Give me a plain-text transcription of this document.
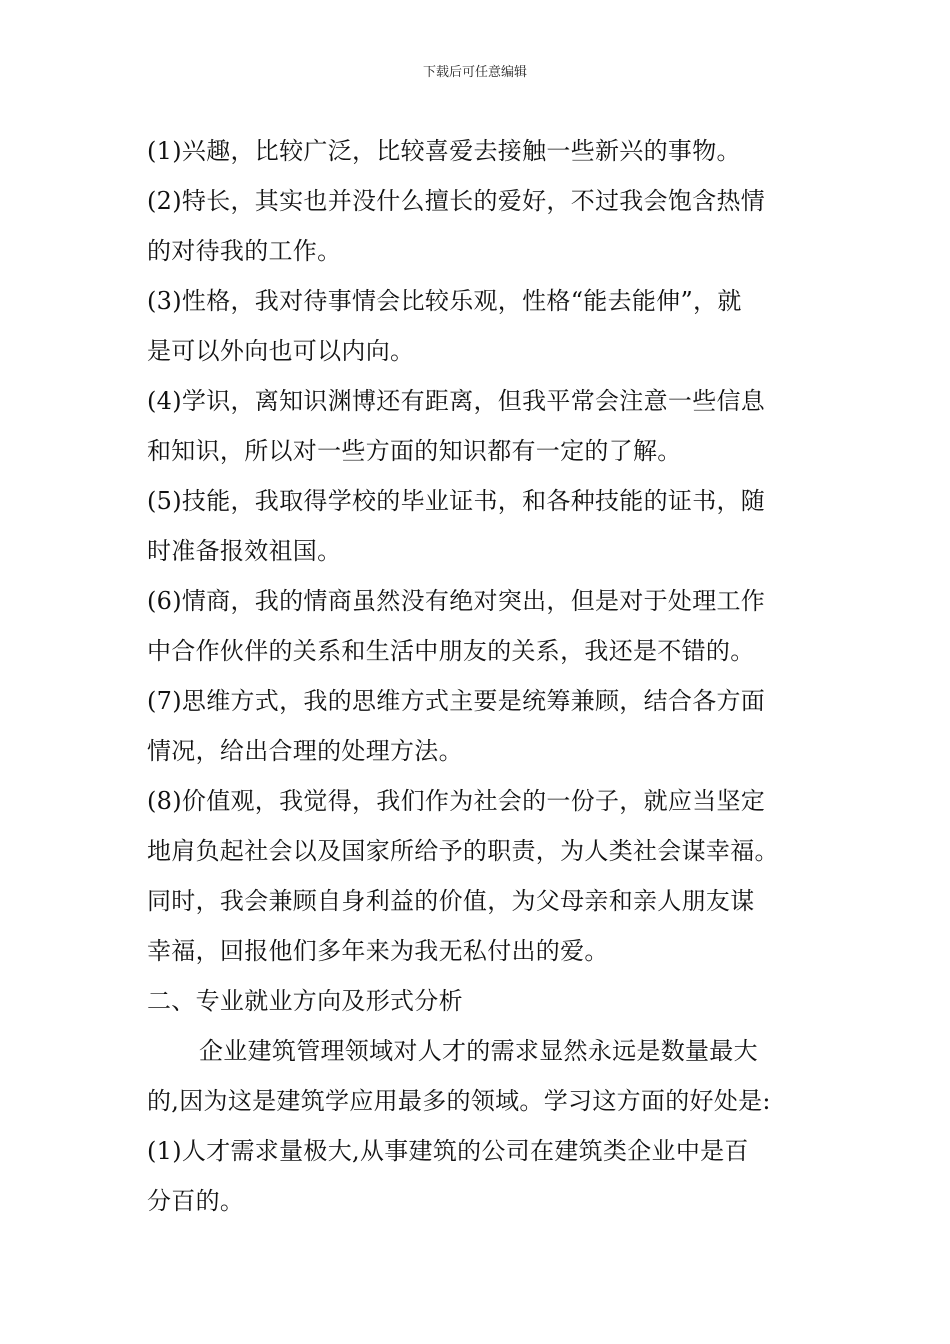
下载后可任意编辑
(1)兴趣，比较广泛，比较喜爱去接触一些新兴的事物。
(2)特长，其实也并没什么擅长的爱好，不过我会饱含热情
的对待我的工作。
(3)性格，我对待事情会比较乐观，性格“能去能伸”，就
是可以外向也可以内向。
(4)学识，离知识渊博还有距离，但我平常会注意一些信息
和知识，所以对一些方面的知识都有一定的了解。
(5)技能，我取得学校的毕业证书，和各种技能的证书，随
时准备报效祖国。
(6)情商，我的情商虽然没有绝对突出，但是对于处理工作
中合作伙伴的关系和生活中朋友的关系，我还是不错的。
(7)思维方式，我的思维方式主要是统筹兼顾，结合各方面
情况，给出合理的处理方法。
(8)价值观，我觉得，我们作为社会的一份子，就应当坚定
地肩负起社会以及国家所给予的职责，为人类社会谋幸福。
同时，我会兼顾自身利益的价值，为父母亲和亲人朋友谋
幸福，回报他们多年来为我无私付出的爱。
二、专业就业方向及形式分析
企业建筑管理领域对人才的需求显然永远是数量最大
的,因为这是建筑学应用最多的领域。学习这方面的好处是:
(1)人才需求量极大,从事建筑的公司在建筑类企业中是百
分百的。
